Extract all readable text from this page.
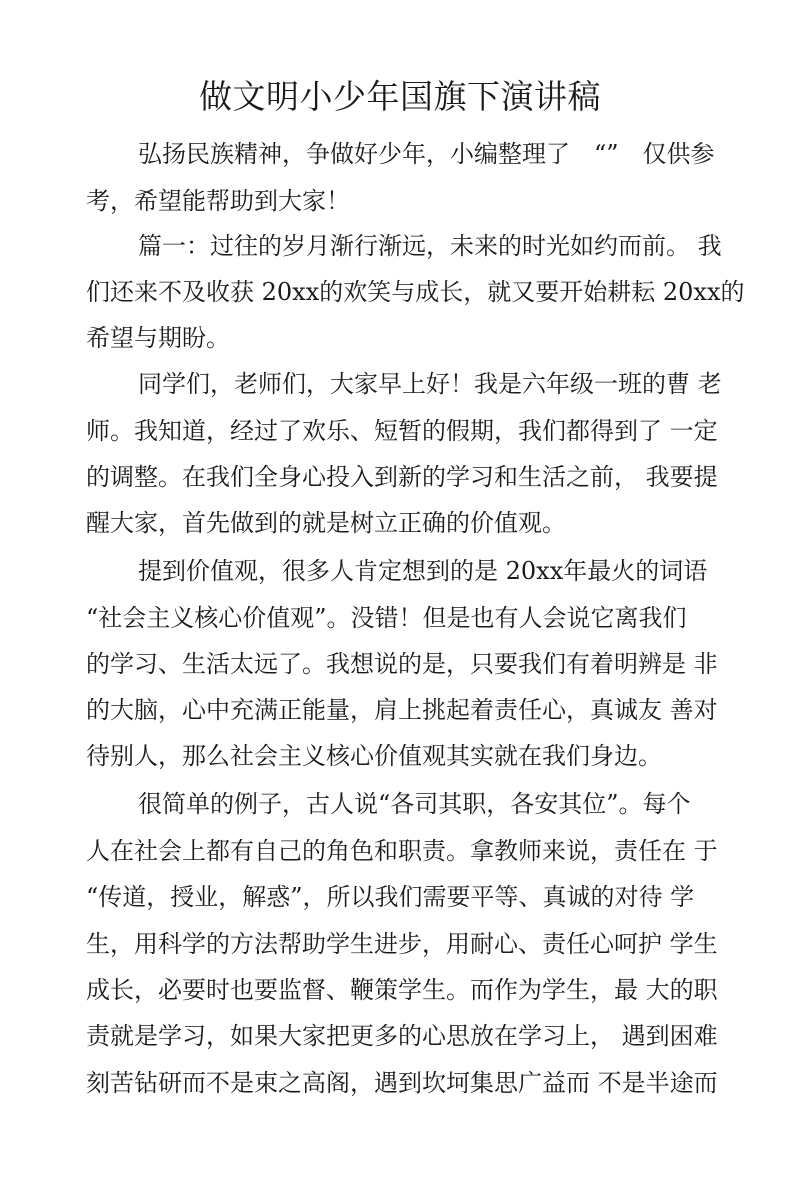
做文明小少年国旗下演讲稿
弘扬民族精神，争做好少年，小编整理了　“”　仅供参
考，希望能帮助到大家！
篇一：过往的岁月渐行渐远，未来的时光如约而前。 我
们还来不及收获 20xx的欢笑与成长，就又要开始耕耘 20xx的
希望与期盼。
同学们，老师们，大家早上好！我是六年级一班的曹 老
师。我知道，经过了欢乐、短暂的假期，我们都得到了 一定
的调整。在我们全身心投入到新的学习和生活之前， 我要提
醒大家，首先做到的就是树立正确的价值观。
提到价值观，很多人肯定想到的是 20xx年最火的词语
“社会主义核心价值观”。没错！但是也有人会说它离我们
的学习、生活太远了。我想说的是，只要我们有着明辨是 非
的大脑，心中充满正能量，肩上挑起着责任心，真诚友 善对
待别人，那么社会主义核心价值观其实就在我们身边。
很简单的例子，古人说“各司其职，各安其位”。每个
人在社会上都有自己的角色和职责。拿教师来说，责任在 于
“传道，授业，解惑”，所以我们需要平等、真诚的对待 学
生，用科学的方法帮助学生进步，用耐心、责任心呵护 学生
成长，必要时也要监督、鞭策学生。而作为学生，最 大的职
责就是学习，如果大家把更多的心思放在学习上， 遇到困难
刻苦钻研而不是束之高阁，遇到坎坷集思广益而 不是半途而
